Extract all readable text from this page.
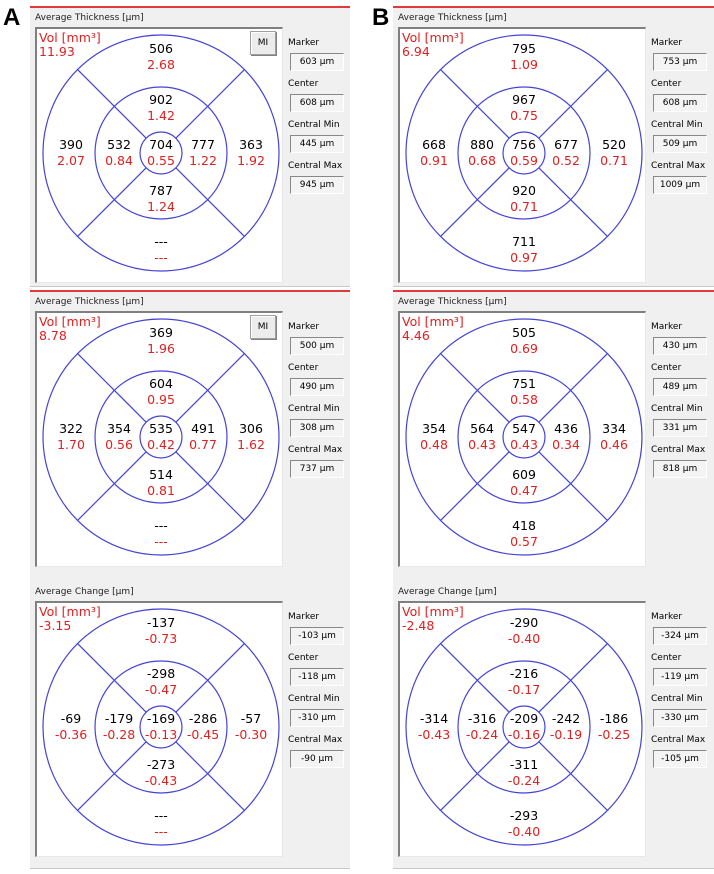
A	B
Average Thickness [µm]
Vol [mm³]
11.93
MI
704
0.55
902
1.42
777
1.22
787
1.24
532
0.84
506
2.68
363
1.92
---
---
390
2.07
Marker
603 µm
Center
608 µm
Central Min
445 µm
Central Max
945 µm
Average Thickness [µm]
Vol [mm³]
6.94
756
0.59
967
0.75
677
0.52
920
0.71
880
0.68
795
1.09
520
0.71
711
0.97
668
0.91
Marker
753 µm
Center
608 µm
Central Min
509 µm
Central Max
1009 µm
Average Thickness [µm]
Vol [mm³]
8.78
MI
535
0.42
604
0.95
491
0.77
514
0.81
354
0.56
369
1.96
306
1.62
---
---
322
1.70
Marker
500 µm
Center
490 µm
Central Min
308 µm
Central Max
737 µm
Average Thickness [µm]
Vol [mm³]
4.46
547
0.43
751
0.58
436
0.34
609
0.47
564
0.43
505
0.69
334
0.46
418
0.57
354
0.48
Marker
430 µm
Center
489 µm
Central Min
331 µm
Central Max
818 µm
Average Change [µm]
Vol [mm³]
-3.15
-169
-0.13
-298
-0.47
-286
-0.45
-273
-0.43
-179
-0.28
-137
-0.73
-57
-0.30
---
---
-69
-0.36
Marker
-103 µm
Center
-118 µm
Central Min
-310 µm
Central Max
-90 µm
Average Change [µm]
Vol [mm³]
-2.48
-209
-0.16
-216
-0.17
-242
-0.19
-311
-0.24
-316
-0.24
-290
-0.40
-186
-0.25
-293
-0.40
-314
-0.43
Marker
-324 µm
Center
-119 µm
Central Min
-330 µm
Central Max
-105 µm
